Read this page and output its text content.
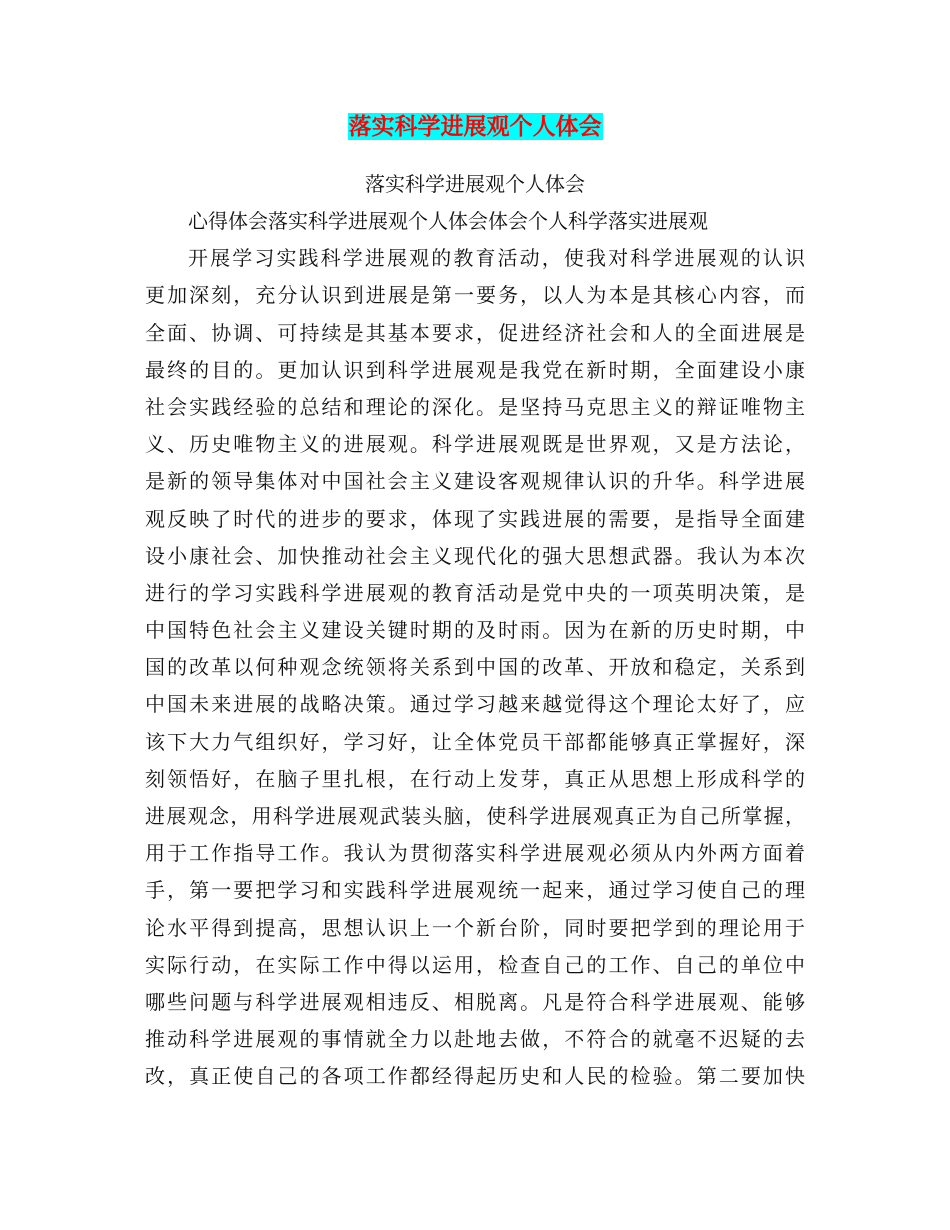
落实科学进展观个人体会
落实科学进展观个人体会
心得体会落实科学进展观个人体会体会个人科学落实进展观
开展学习实践科学进展观的教育活动，使我对科学进展观的认识
更加深刻，充分认识到进展是第一要务，以人为本是其核心内容，而
全面、协调、可持续是其基本要求，促进经济社会和人的全面进展是
最终的目的。更加认识到科学进展观是我党在新时期，全面建设小康
社会实践经验的总结和理论的深化。是坚持马克思主义的辩证唯物主
义、历史唯物主义的进展观。科学进展观既是世界观，又是方法论，
是新的领导集体对中国社会主义建设客观规律认识的升华。科学进展
观反映了时代的进步的要求，体现了实践进展的需要，是指导全面建
设小康社会、加快推动社会主义现代化的强大思想武器。我认为本次
进行的学习实践科学进展观的教育活动是党中央的一项英明决策，是
中国特色社会主义建设关键时期的及时雨。因为在新的历史时期，中
国的改革以何种观念统领将关系到中国的改革、开放和稳定，关系到
中国未来进展的战略决策。通过学习越来越觉得这个理论太好了，应
该下大力气组织好，学习好，让全体党员干部都能够真正掌握好，深
刻领悟好，在脑子里扎根，在行动上发芽，真正从思想上形成科学的
进展观念，用科学进展观武装头脑，使科学进展观真正为自己所掌握，
用于工作指导工作。我认为贯彻落实科学进展观必须从内外两方面着
手，第一要把学习和实践科学进展观统一起来，通过学习使自己的理
论水平得到提高，思想认识上一个新台阶，同时要把学到的理论用于
实际行动，在实际工作中得以运用，检查自己的工作、自己的单位中
哪些问题与科学进展观相违反、相脱离。凡是符合科学进展观、能够
推动科学进展观的事情就全力以赴地去做，不符合的就毫不迟疑的去
改，真正使自己的各项工作都经得起历史和人民的检验。第二要加快
